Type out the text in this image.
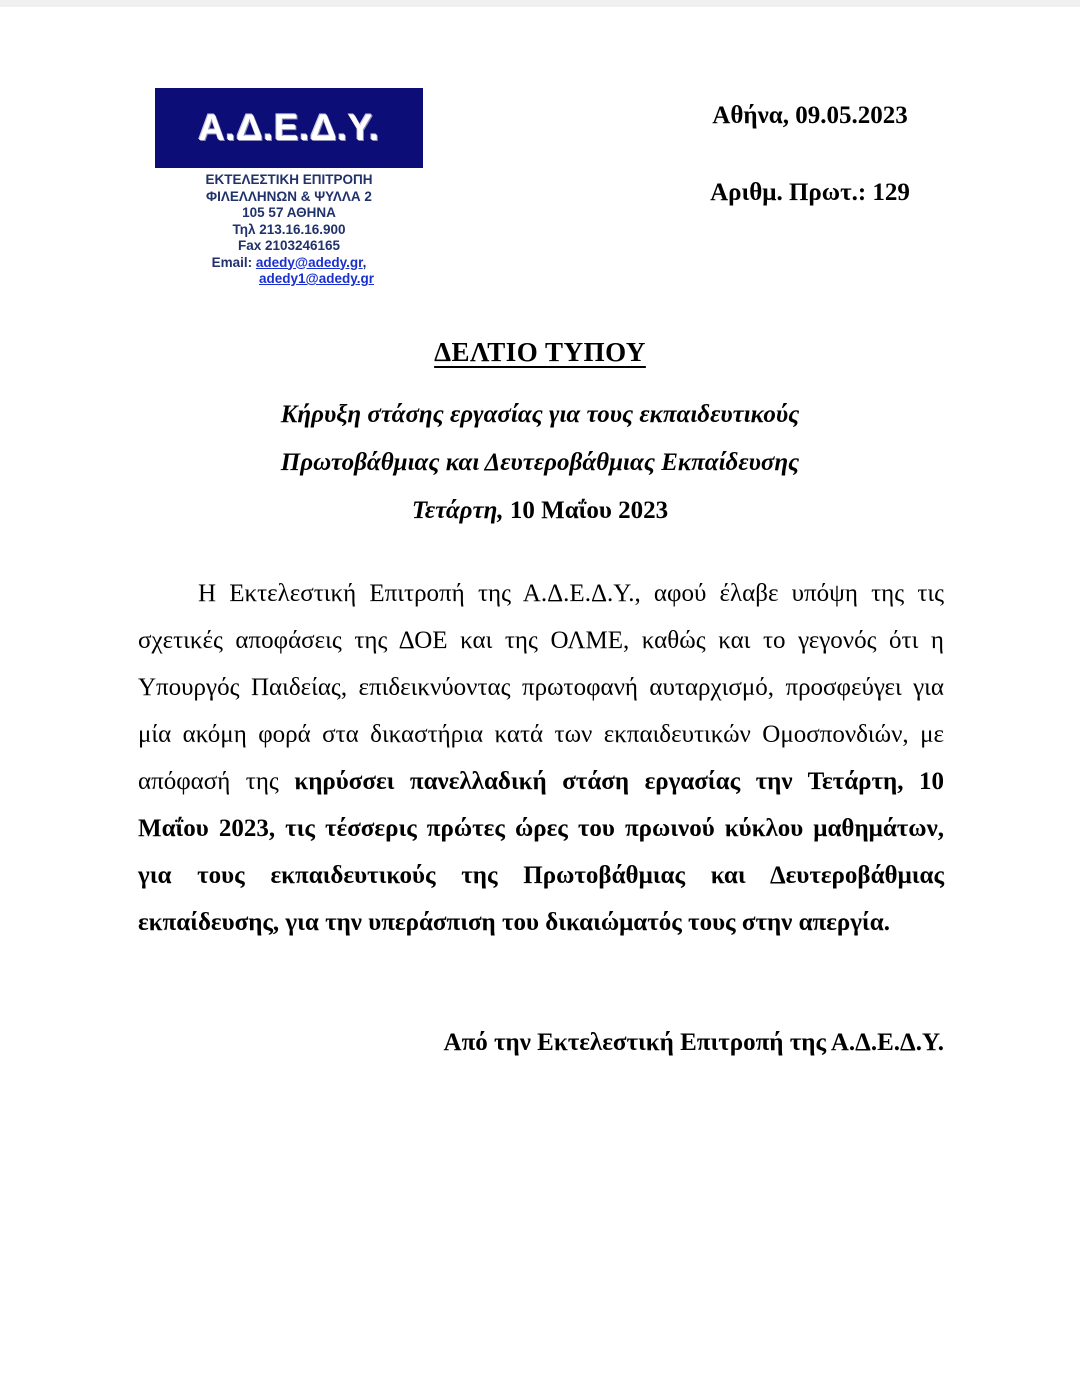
Α.Δ.Ε.Δ.Υ.
ΕΚΤΕΛΕΣΤΙΚΗ ΕΠΙΤΡΟΠΗ
ΦΙΛΕΛΛΗΝΩΝ & ΨΥΛΛΑ 2
105 57 ΑΘΗΝΑ
Τηλ 213.16.16.900
Fax 2103246165
Email: adedy@adedy.gr,
adedy1@adedy.gr
Αθήνα, 09.05.2023
Αριθμ. Πρωτ.: 129
ΔΕΛΤΙΟ ΤΥΠΟΥ
Κήρυξη στάσης εργασίας για τους εκπαιδευτικούς
Πρωτοβάθμιας και Δευτεροβάθμιας Εκπαίδευσης
Τετάρτη, 10 Μαΐου 2023
Η Εκτελεστική Επιτροπή της Α.Δ.Ε.Δ.Υ., αφού έλαβε υπόψη της τις σχετικές αποφάσεις της ΔΟΕ και της ΟΛΜΕ, καθώς και το γεγονός ότι η Υπουργός Παιδείας, επιδεικνύοντας πρωτοφανή αυταρχισμό, προσφεύγει για μία ακόμη φορά στα δικαστήρια κατά των εκπαιδευτικών Ομοσπονδιών, με απόφασή της κηρύσσει πανελλαδική στάση εργασίας την Τετάρτη, 10 Μαΐου 2023, τις τέσσερις πρώτες ώρες του πρωινού κύκλου μαθημάτων, για τους εκπαιδευτικούς της Πρωτοβάθμιας και Δευτεροβάθμιας εκπαίδευσης, για την υπεράσπιση του δικαιώματός τους στην απεργία.
Από την Εκτελεστική Επιτροπή της Α.Δ.Ε.Δ.Υ.
